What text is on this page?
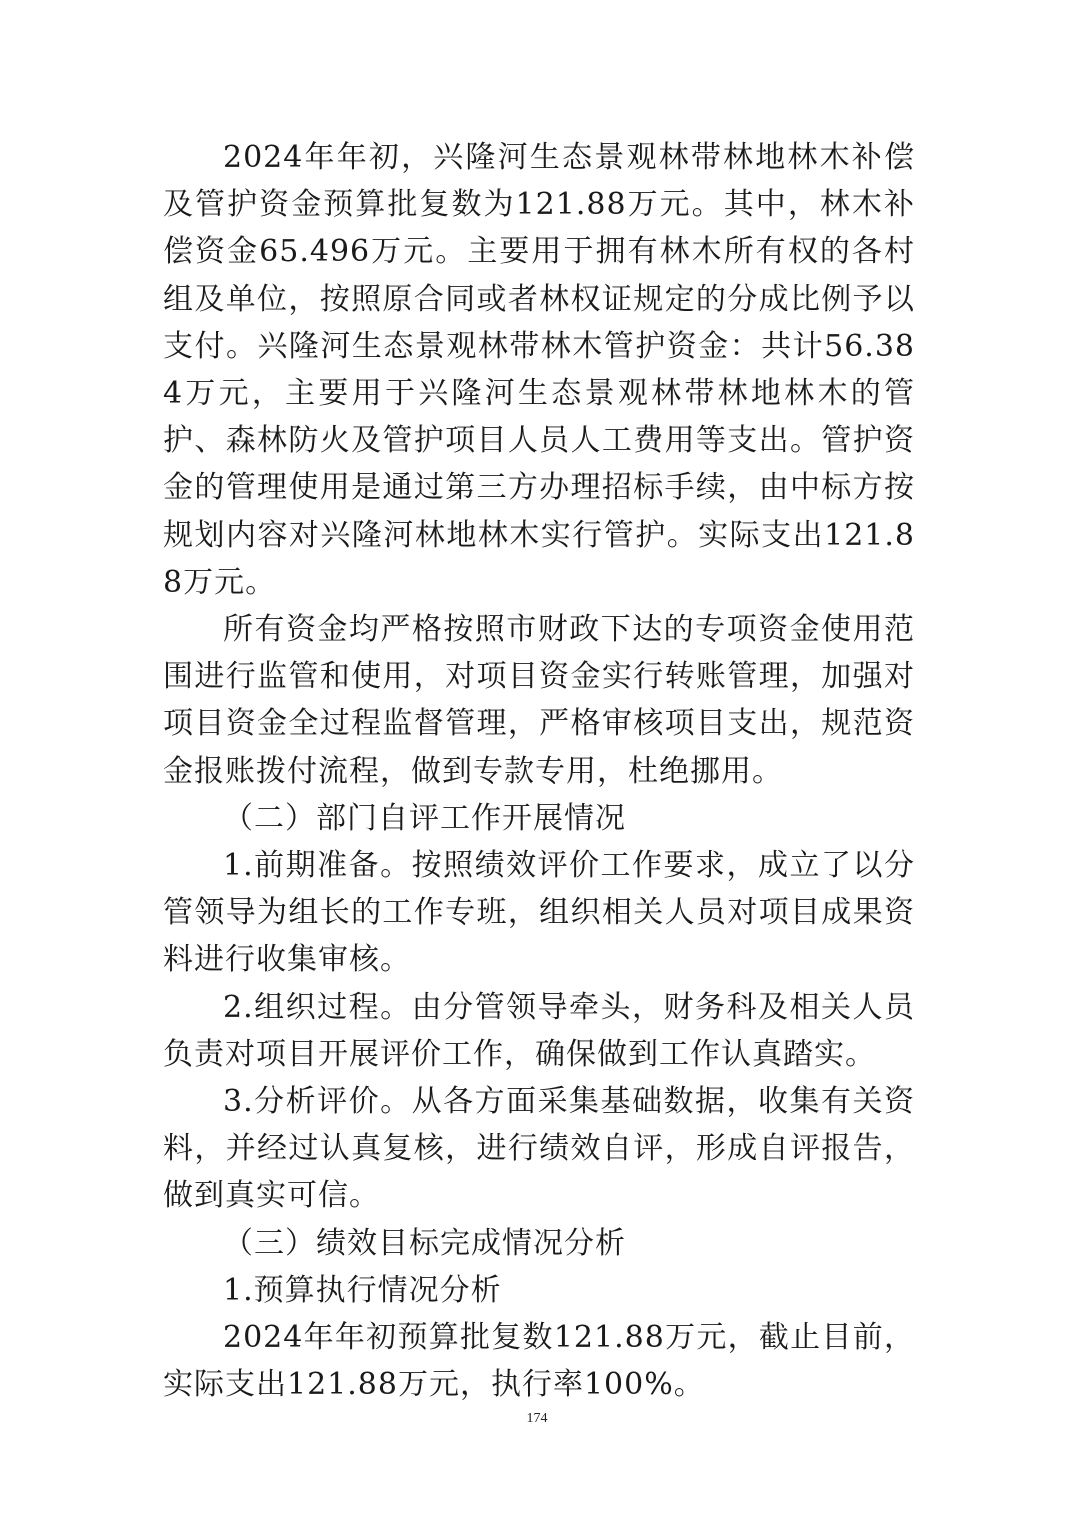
2024年年初，兴隆河生态景观林带林地林木补偿及管护资金预算批复数为121.88万元。其中，林木补偿资金65.496万元。主要用于拥有林木所有权的各村组及单位，按照原合同或者林权证规定的分成比例予以支付。兴隆河生态景观林带林木管护资金：共计56.384万元，主要用于兴隆河生态景观林带林地林木的管护、森林防火及管护项目人员人工费用等支出。管护资金的管理使用是通过第三方办理招标手续，由中标方按规划内容对兴隆河林地林木实行管护。实际支出121.88万元。

所有资金均严格按照市财政下达的专项资金使用范围进行监管和使用，对项目资金实行转账管理，加强对项目资金全过程监督管理，严格审核项目支出，规范资金报账拨付流程，做到专款专用，杜绝挪用。

（二）部门自评工作开展情况

1.前期准备。按照绩效评价工作要求，成立了以分管领导为组长的工作专班，组织相关人员对项目成果资料进行收集审核。

2.组织过程。由分管领导牵头，财务科及相关人员负责对项目开展评价工作，确保做到工作认真踏实。

3.分析评价。从各方面采集基础数据，收集有关资料，并经过认真复核，进行绩效自评，形成自评报告，做到真实可信。

（三）绩效目标完成情况分析

1.预算执行情况分析

2024年年初预算批复数121.88万元，截止目前，实际支出121.88万元，执行率100%。

174
